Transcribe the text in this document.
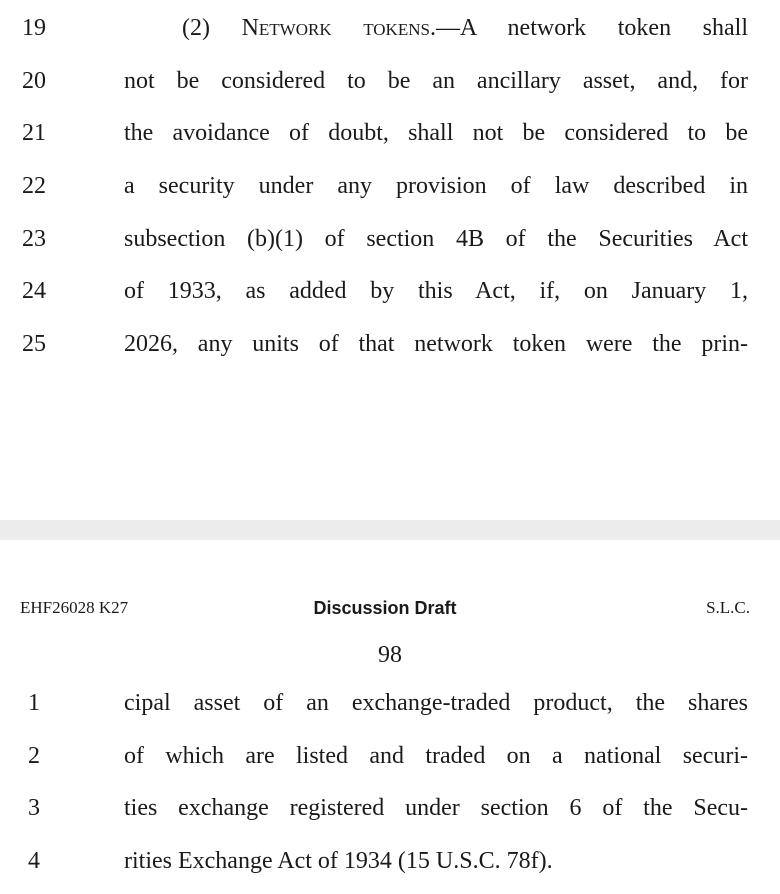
19	(2) Network tokens.—A network token shall
20	not be considered to be an ancillary asset, and, for
21	the avoidance of doubt, shall not be considered to be
22	a security under any provision of law described in
23	subsection (b)(1) of section 4B of the Securities Act
24	of 1933, as added by this Act, if, on January 1,
25	2026, any units of that network token were the prin-
EHF26028 K27	Discussion Draft	S.L.C.
98
1	cipal asset of an exchange-traded product, the shares
2	of which are listed and traded on a national securi-
3	ties exchange registered under section 6 of the Secu-
4	rities Exchange Act of 1934 (15 U.S.C. 78f).
